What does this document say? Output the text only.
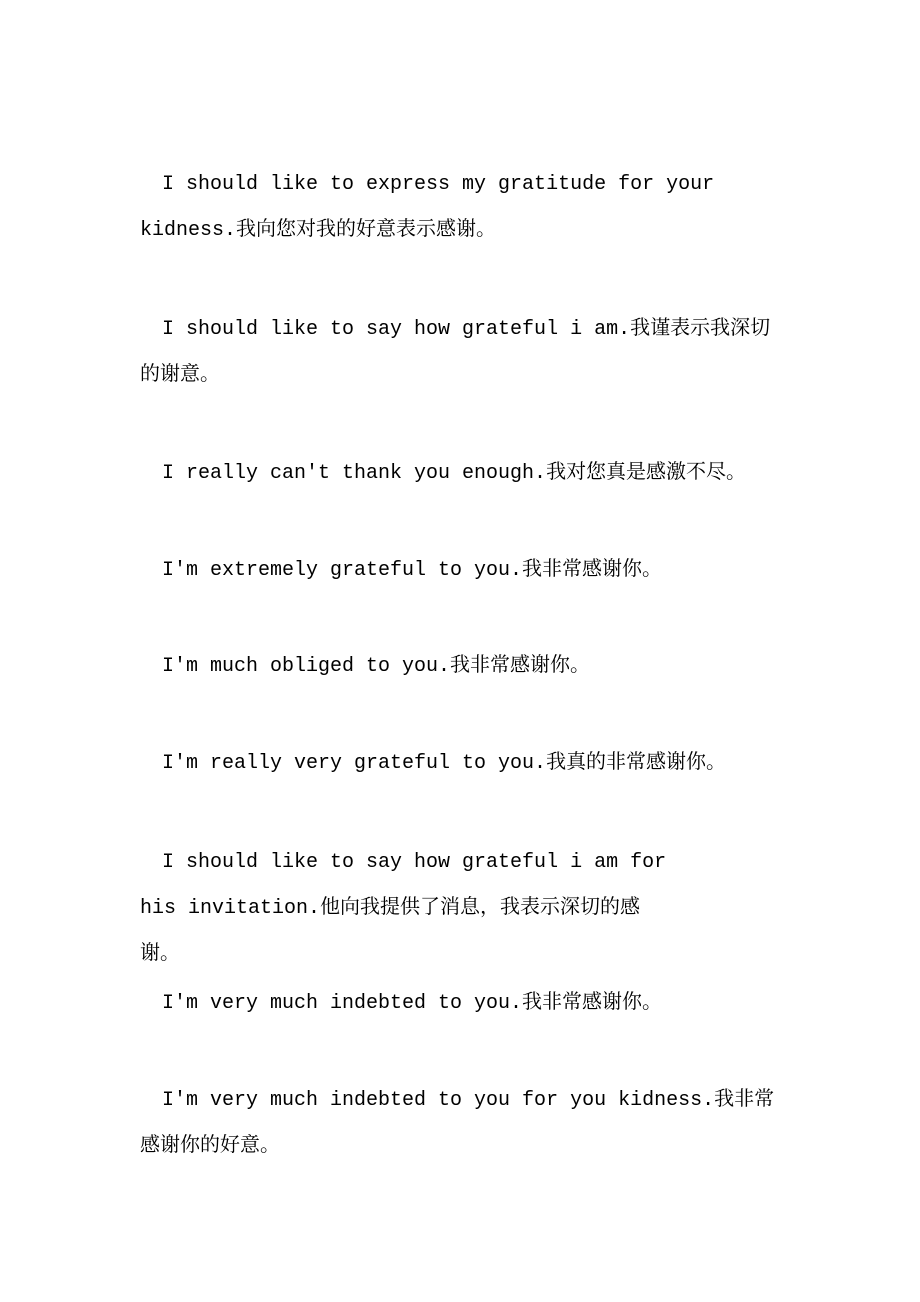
I should like to express my gratitude for your kidness.我向您对我的好意表示感谢。

I should like to say how grateful i am.我谨表示我深切的谢意。

I really can't thank you enough.我对您真是感激不尽。

I'm extremely grateful to you.我非常感谢你。

I'm much obliged to you.我非常感谢你。

I'm really very grateful to you.我真的非常感谢你。

I should like to say how grateful i am for his invitation.他向我提供了消息，我表示深切的感谢。

I'm very much indebted to you.我非常感谢你。

I'm very much indebted to you for you kidness.我非常感谢你的好意。
